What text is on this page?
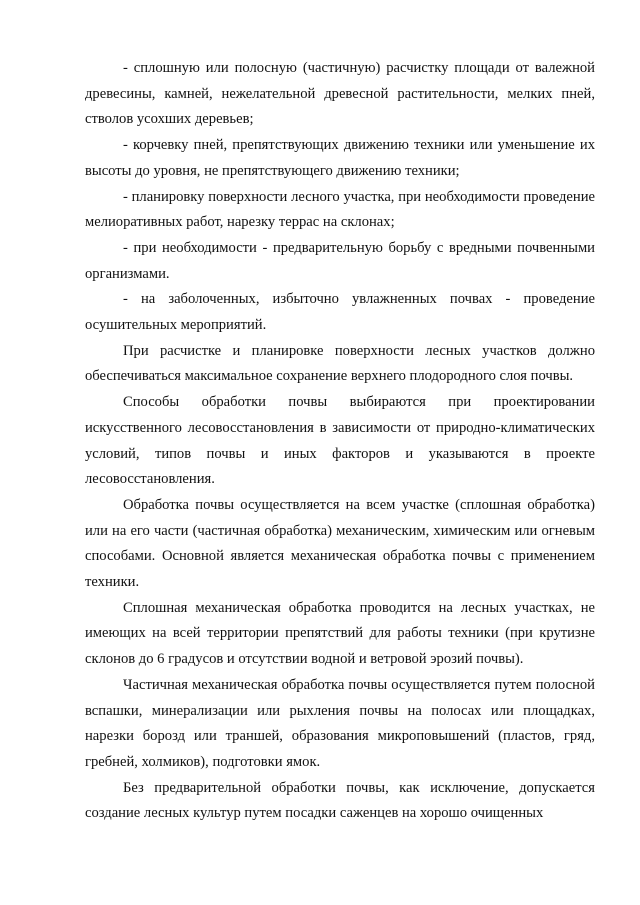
- сплошную или полосную (частичную) расчистку площади от валежной древесины, камней, нежелательной древесной растительности, мелких пней, стволов усохших деревьев;

- корчевку пней, препятствующих движению техники или уменьшение их высоты до уровня, не препятствующего движению техники;

- планировку поверхности лесного участка, при необходимости проведение мелиоративных работ, нарезку террас на склонах;

- при необходимости - предварительную борьбу с вредными почвенными организмами.

- на заболоченных, избыточно увлажненных почвах - проведение осушительных мероприятий.

При расчистке и планировке поверхности лесных участков должно обеспечиваться максимальное сохранение верхнего плодородного слоя почвы.

Способы обработки почвы выбираются при проектировании искусственного лесовосстановления в зависимости от природно-климатических условий, типов почвы и иных факторов и указываются в проекте лесовосстановления.

Обработка почвы осуществляется на всем участке (сплошная обработка) или на его части (частичная обработка) механическим, химическим или огневым способами. Основной является механическая обработка почвы с применением техники.

Сплошная механическая обработка проводится на лесных участках, не имеющих на всей территории препятствий для работы техники (при крутизне склонов до 6 градусов и отсутствии водной и ветровой эрозий почвы).

Частичная механическая обработка почвы осуществляется путем полосной вспашки, минерализации или рыхления почвы на полосах или площадках, нарезки борозд или траншей, образования микроповышений (пластов, гряд, гребней, холмиков), подготовки ямок.

Без предварительной обработки почвы, как исключение, допускается создание лесных культур путем посадки саженцев на хорошо очищенных
